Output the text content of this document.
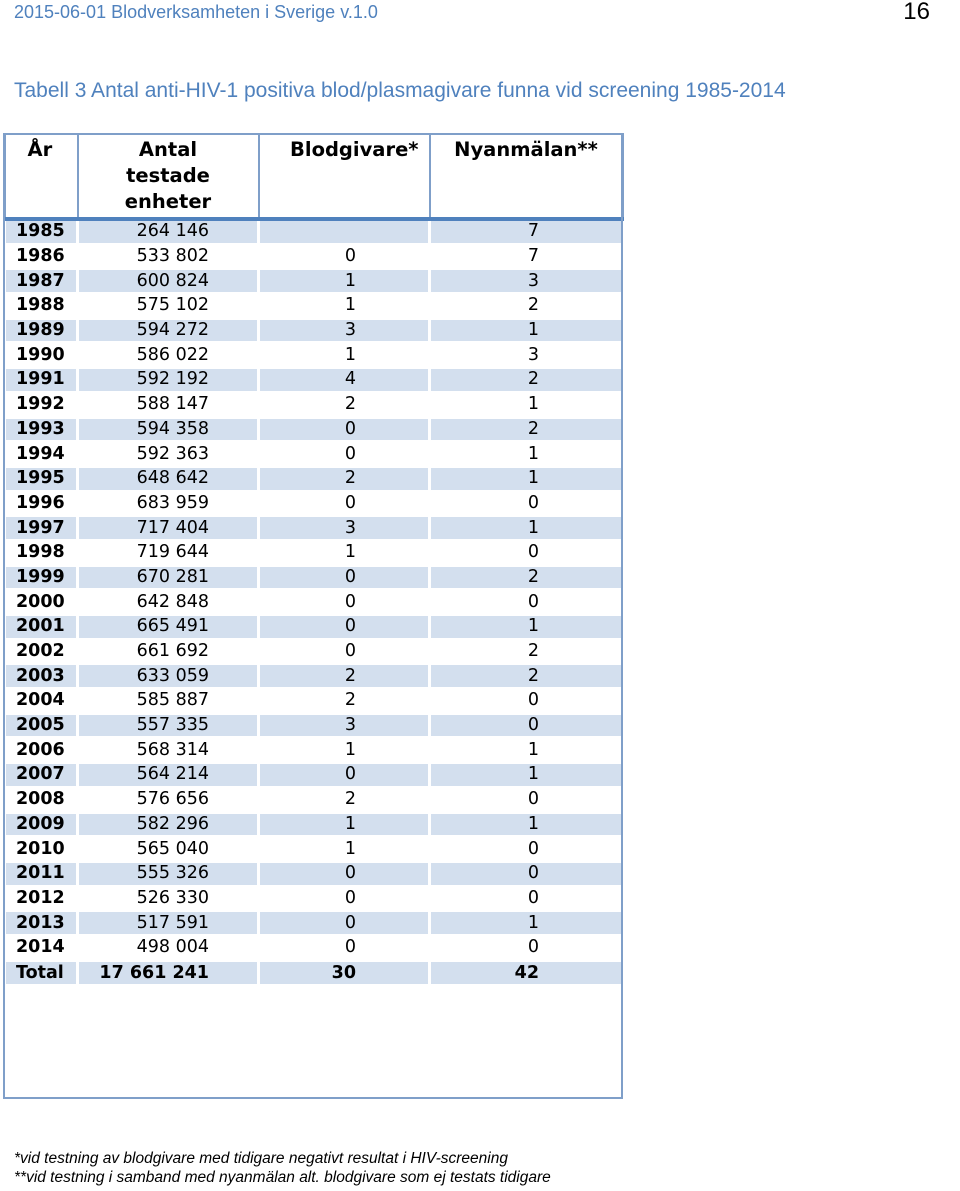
2015-06-01 Blodverksamheten i Sverige v.1.0	16
Tabell 3 Antal anti-HIV-1 positiva blod/plasmagivare funna vid screening 1985-2014
År	Antal
testade
enheter	Blodgivare*	Nyanmälan**
1985	264 146		7
1986	533 802	0	7
1987	600 824	1	3
1988	575 102	1	2
1989	594 272	3	1
1990	586 022	1	3
1991	592 192	4	2
1992	588 147	2	1
1993	594 358	0	2
1994	592 363	0	1
1995	648 642	2	1
1996	683 959	0	0
1997	717 404	3	1
1998	719 644	1	0
1999	670 281	0	2
2000	642 848	0	0
2001	665 491	0	1
2002	661 692	0	2
2003	633 059	2	2
2004	585 887	2	0
2005	557 335	3	0
2006	568 314	1	1
2007	564 214	0	1
2008	576 656	2	0
2009	582 296	1	1
2010	565 040	1	0
2011	555 326	0	0
2012	526 330	0	0
2013	517 591	0	1
2014	498 004	0	0
Total	17 661 241	30	42
*vid testning av blodgivare med tidigare negativt resultat i HIV-screening
**vid testning i samband med nyanmälan alt. blodgivare som ej testats tidigare
